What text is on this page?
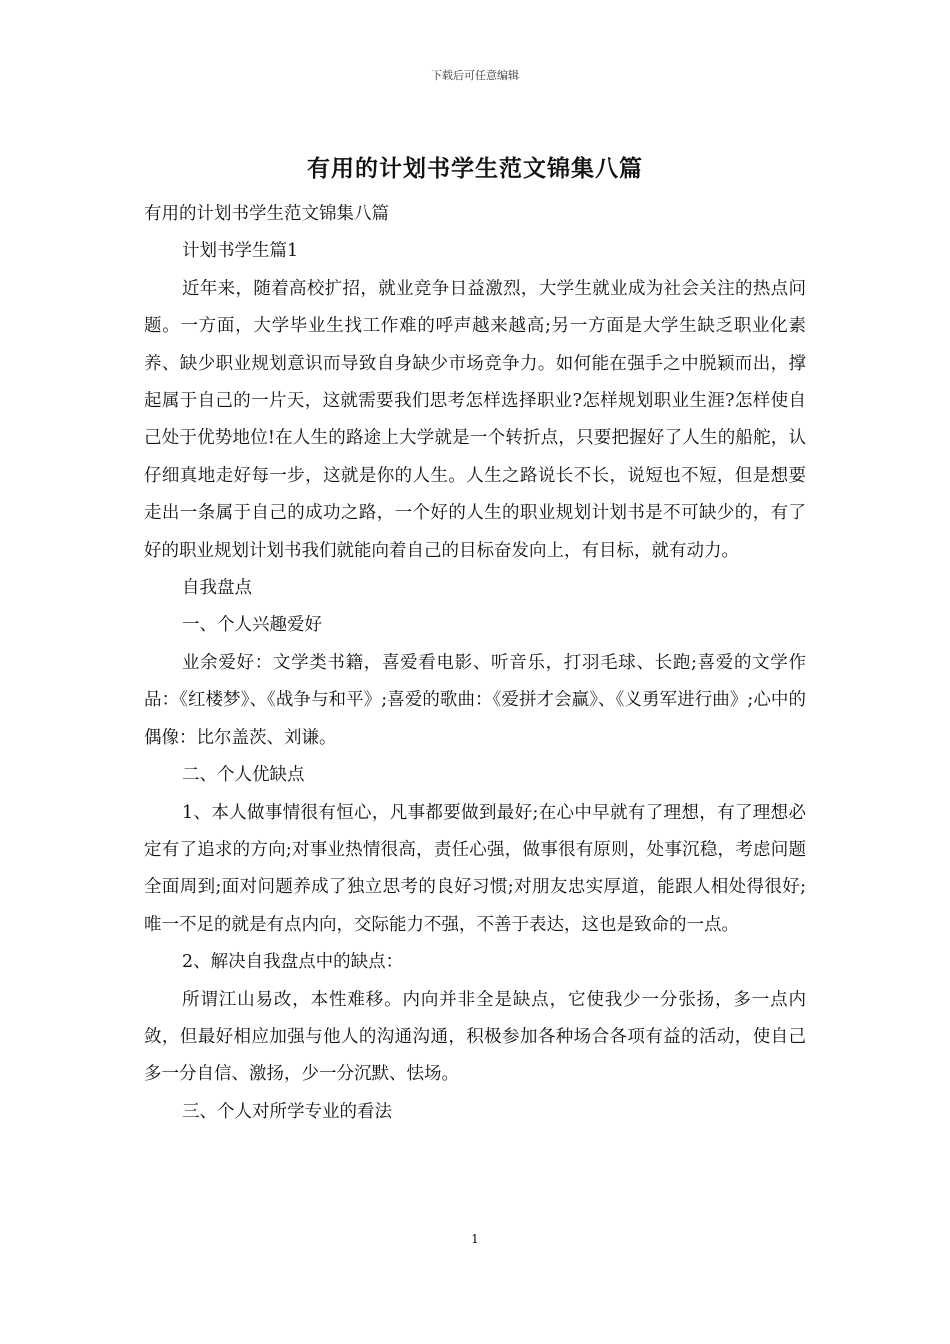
下载后可任意编辑
有用的计划书学生范文锦集八篇

有用的计划书学生范文锦集八篇

计划书学生篇1

近年来，随着高校扩招，就业竞争日益激烈，大学生就业成为社会关注的热点问题。一方面，大学毕业生找工作难的呼声越来越高;另一方面是大学生缺乏职业化素养、缺少职业规划意识而导致自身缺少市场竞争力。如何能在强手之中脱颖而出，撑起属于自己的一片天，这就需要我们思考怎样选择职业?怎样规划职业生涯?怎样使自己处于优势地位!在人生的路途上大学就是一个转折点，只要把握好了人生的船舵，认仔细真地走好每一步，这就是你的人生。人生之路说长不长，说短也不短，但是想要走出一条属于自己的成功之路，一个好的人生的职业规划计划书是不可缺少的，有了好的职业规划计划书我们就能向着自己的目标奋发向上，有目标，就有动力。

自我盘点

一、个人兴趣爱好

业余爱好：文学类书籍，喜爱看电影、听音乐，打羽毛球、长跑;喜爱的文学作品：《红楼梦》、《战争与和平》;喜爱的歌曲：《爱拼才会赢》、《义勇军进行曲》;心中的偶像：比尔盖茨、刘谦。

二、个人优缺点

1、本人做事情很有恒心，凡事都要做到最好;在心中早就有了理想，有了理想必定有了追求的方向;对事业热情很高，责任心强，做事很有原则，处事沉稳，考虑问题全面周到;面对问题养成了独立思考的良好习惯;对朋友忠实厚道，能跟人相处得很好;唯一不足的就是有点内向，交际能力不强，不善于表达，这也是致命的一点。

2、解决自我盘点中的缺点：

所谓江山易改，本性难移。内向并非全是缺点，它使我少一分张扬，多一点内敛，但最好相应加强与他人的沟通沟通，积极参加各种场合各项有益的活动，使自己多一分自信、激扬，少一分沉默、怯场。

三、个人对所学专业的看法

1
